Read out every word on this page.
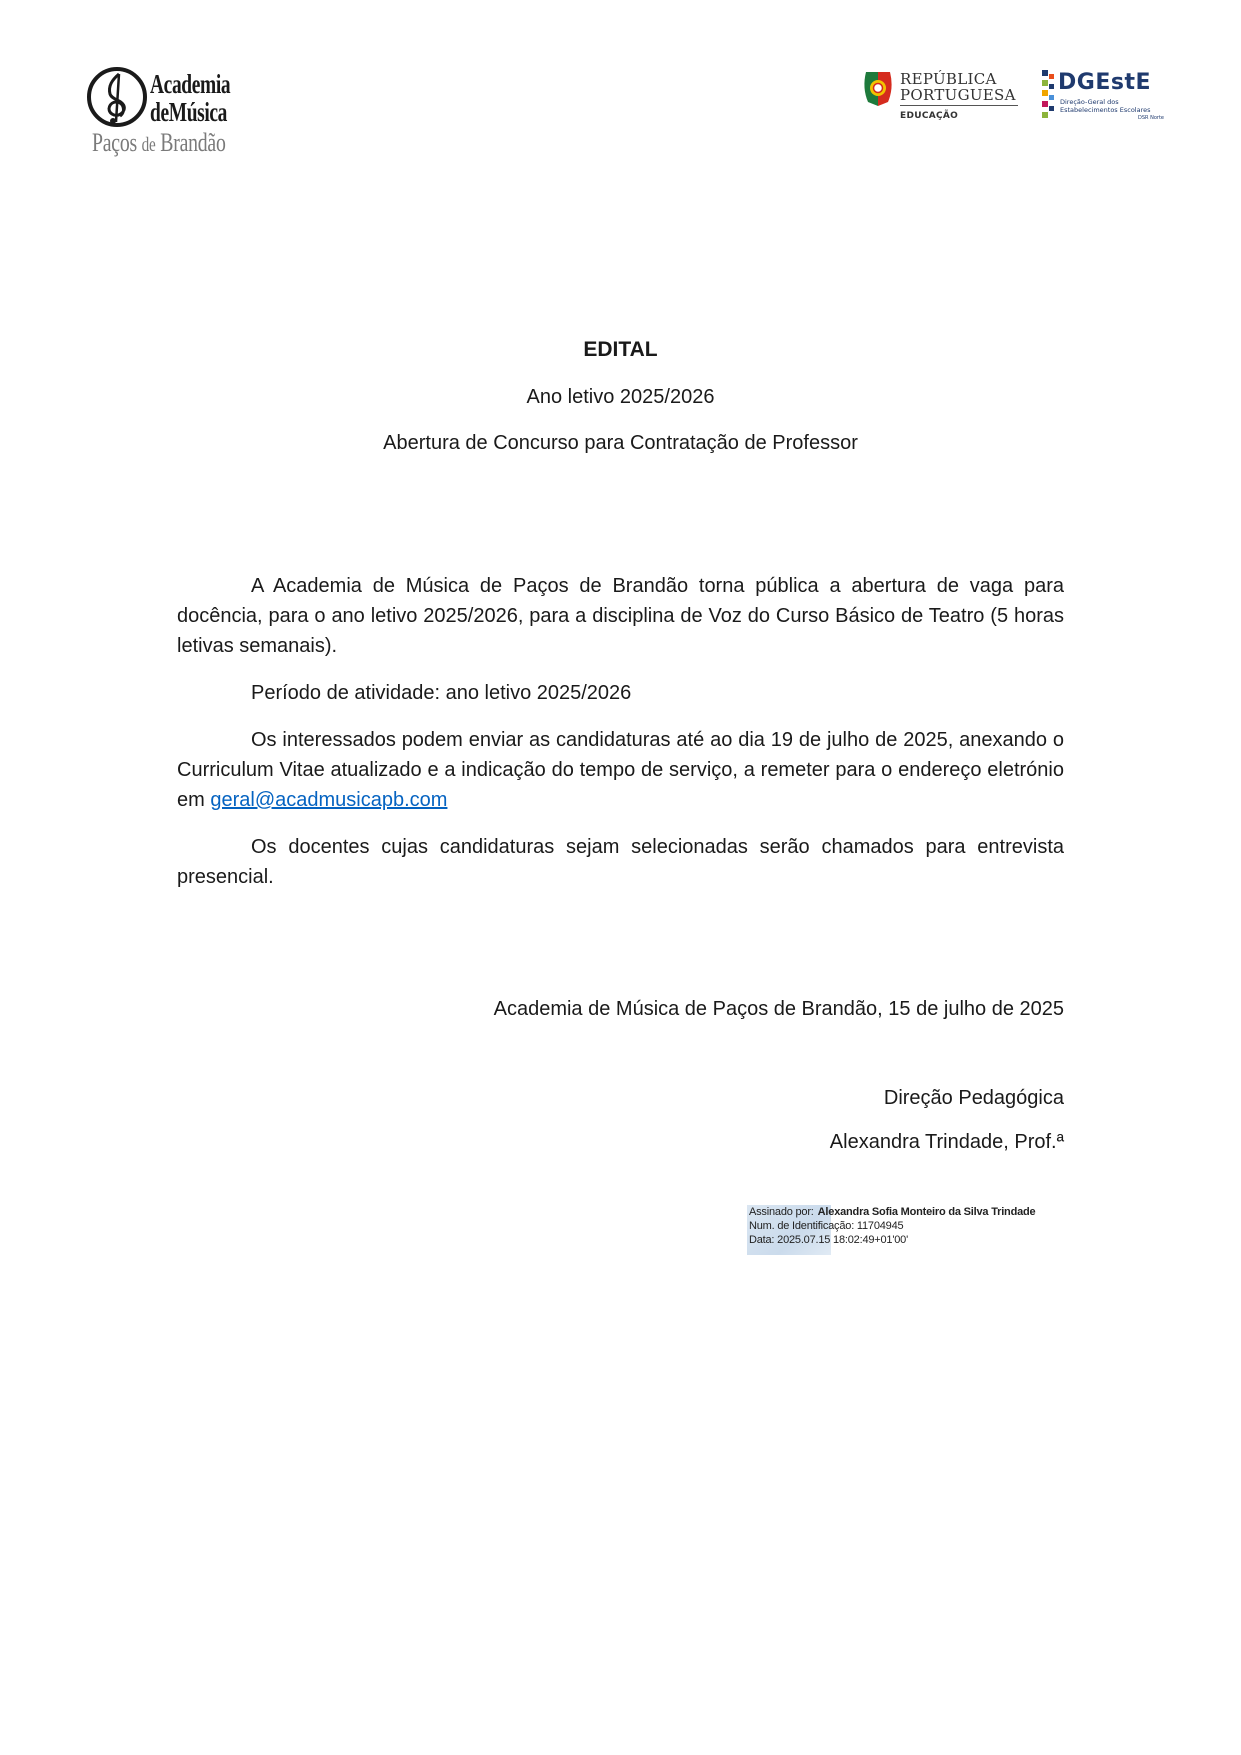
Academia
deMúsica
Paços de Brandão
REPÚBLICA
PORTUGUESA
EDUCAÇÃO
DGEstE
Direção-Geral dos
Estabelecimentos Escolares
DSR Norte
EDITAL
Ano letivo 2025/2026
Abertura de Concurso para Contratação de Professor

A Academia de Música de Paços de Brandão torna pública a abertura de vaga para docência, para o ano letivo 2025/2026, para a disciplina de Voz do Curso Básico de Teatro (5 horas letivas semanais).

Período de atividade: ano letivo 2025/2026

Os interessados podem enviar as candidaturas até ao dia 19 de julho de 2025, anexando o Curriculum Vitae atualizado e a indicação do tempo de serviço, a remeter para o endereço eletrónio em geral@acadmusicapb.com

Os docentes cujas candidaturas sejam selecionadas serão chamados para entrevista presencial.

Academia de Música de Paços de Brandão, 15 de julho de 2025
Direção Pedagógica
Alexandra Trindade, Prof.ª
Assinado por: Alexandra Sofia Monteiro da Silva Trindade
Num. de Identificação: 11704945
Data: 2025.07.15 18:02:49+01'00'
